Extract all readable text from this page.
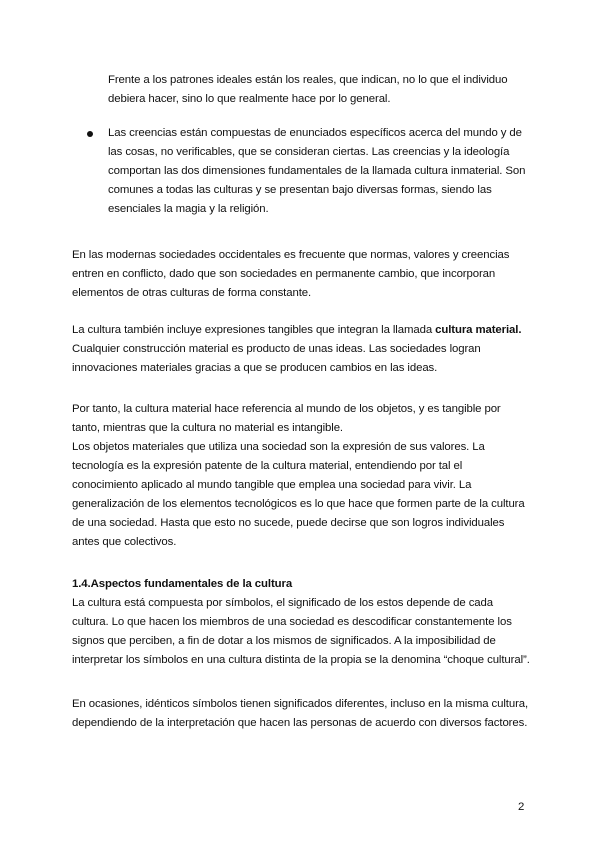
Frente a los patrones ideales están los reales, que indican, no lo que el individuo
debiera hacer, sino lo que realmente hace por lo general.
Las creencias están compuestas de enunciados específicos acerca del mundo y de
las cosas, no verificables, que se consideran ciertas. Las creencias y la ideología
comportan las dos dimensiones fundamentales de la llamada cultura inmaterial. Son
comunes a todas las culturas y se presentan bajo diversas formas, siendo las
esenciales la magia y la religión.
En las modernas sociedades occidentales es frecuente que normas, valores y creencias
entren en conflicto, dado que son sociedades en permanente cambio, que incorporan
elementos de otras culturas de forma constante.
La cultura también incluye expresiones tangibles que integran la llamada cultura material.
Cualquier construcción material es producto de unas ideas. Las sociedades logran
innovaciones materiales gracias a que se producen cambios en las ideas.
Por tanto, la cultura material hace referencia al mundo de los objetos, y es tangible por
tanto, mientras que la cultura no material es intangible.
Los objetos materiales que utiliza una sociedad son la expresión de sus valores. La
tecnología es la expresión patente de la cultura material, entendiendo por tal el
conocimiento aplicado al mundo tangible que emplea una sociedad para vivir. La
generalización de los elementos tecnológicos es lo que hace que formen parte de la cultura
de una sociedad. Hasta que esto no sucede, puede decirse que son logros individuales
antes que colectivos.
1.4.Aspectos fundamentales de la cultura
La cultura está compuesta por símbolos, el significado de los estos depende de cada
cultura. Lo que hacen los miembros de una sociedad es descodificar constantemente los
signos que perciben, a fin de dotar a los mismos de significados. A la imposibilidad de
interpretar los símbolos en una cultura distinta de la propia se la denomina “choque cultural”.
En ocasiones, idénticos símbolos tienen significados diferentes, incluso en la misma cultura,
dependiendo de la interpretación que hacen las personas de acuerdo con diversos factores.
2
